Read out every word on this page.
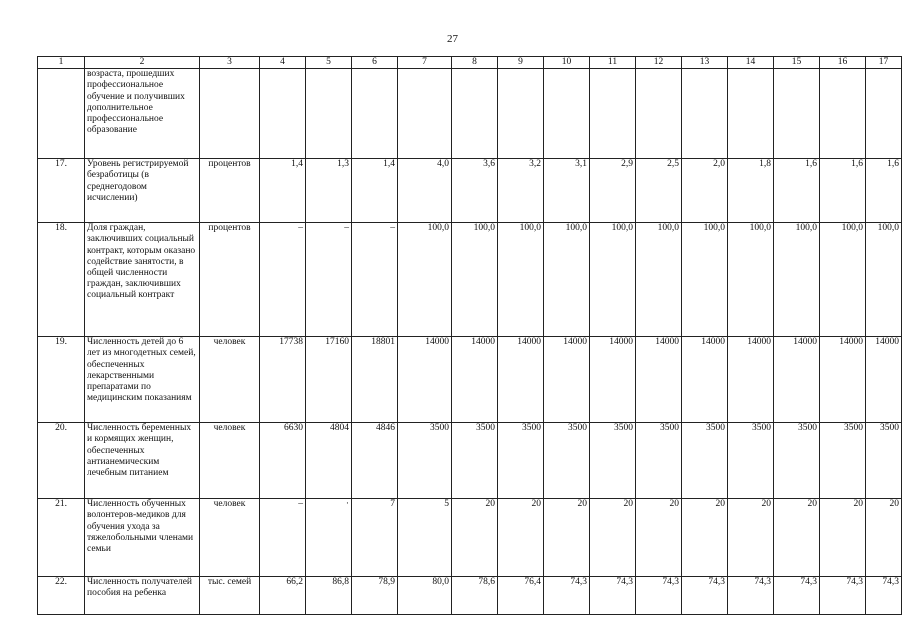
27
1	2	3	4	5	6	7	8	9	10	11	12	13	14	15	16	17
	возраста, прошедших профессиональное обучение и получивших дополнительное профессиональное образование															
17.	Уровень регистрируемой безработицы (в среднегодовом исчислении)	процентов	1,4	1,3	1,4	4,0	3,6	3,2	3,1	2,9	2,5	2,0	1,8	1,6	1,6	1,6
18.	Доля граждан, заключивших социальный контракт, которым оказано содействие занятости, в общей численности граждан, заключивших социальный контракт	процентов	–	–	–	100,0	100,0	100,0	100,0	100,0	100,0	100,0	100,0	100,0	100,0	100,0
19.	Численность детей до 6 лет из многодетных семей, обеспеченных лекарственными препаратами по медицинским показаниям	человек	17738	17160	18801	14000	14000	14000	14000	14000	14000	14000	14000	14000	14000	14000
20.	Численность беременных и кормящих женщин, обеспеченных антианемическим лечебным питанием	человек	6630	4804	4846	3500	3500	3500	3500	3500	3500	3500	3500	3500	3500	3500
21.	Численность обученных волонтеров-медиков для обучения ухода за тяжелобольными членами семьи	человек	–	·	7	5	20	20	20	20	20	20	20	20	20	20
22.	Численность получателей пособия на ребенка	тыс. семей	66,2	86,8	78,9	80,0	78,6	76,4	74,3	74,3	74,3	74,3	74,3	74,3	74,3	74,3
